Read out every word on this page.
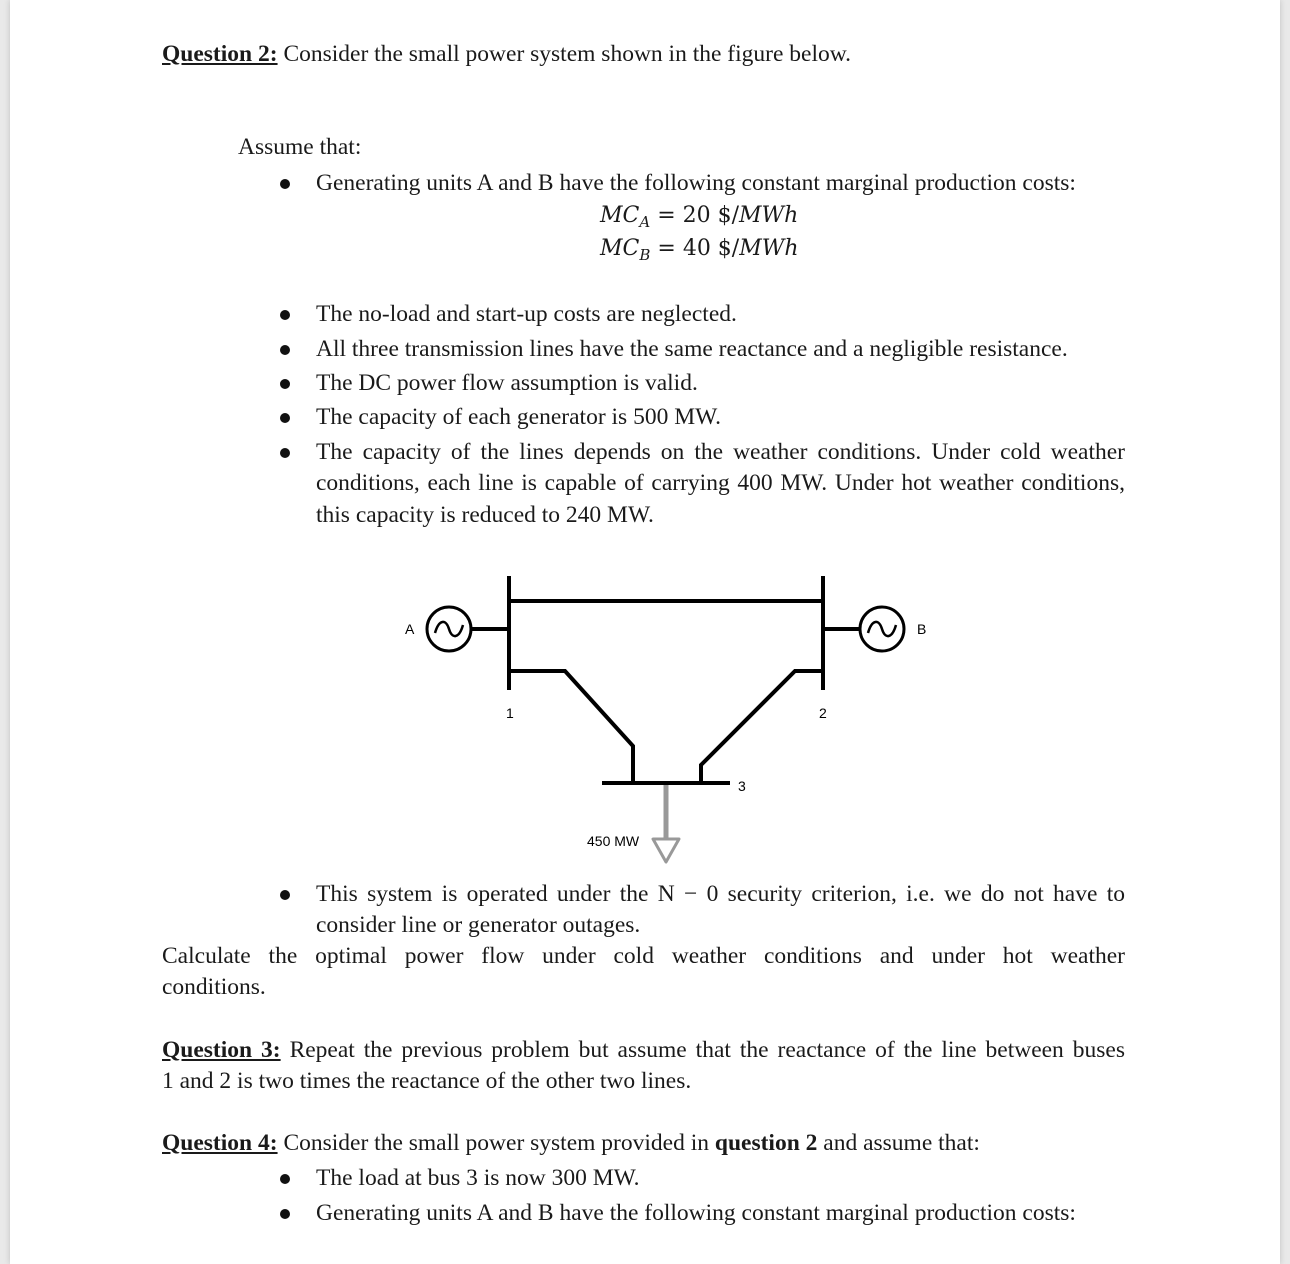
Question 2: Consider the small power system shown in the figure below.
Assume that:
Generating units A and B have the following constant marginal production costs:
$MC_A = 20$ $/MWh
$MC_B = 40$ $/MWh
The no-load and start-up costs are neglected.
All three transmission lines have the same reactance and a negligible resistance.
The DC power flow assumption is valid.
The capacity of each generator is 500 MW.
The capacity of the lines depends on the weather conditions. Under cold weather
conditions, each line is capable of carrying 400 MW. Under hot weather conditions,
this capacity is reduced to 240 MW.
A	B
1	2
3
450 MW
This system is operated under the N − 0 security criterion, i.e. we do not have to
consider line or generator outages.
Calculate the optimal power flow under cold weather conditions and under hot weather
conditions.
Question 3: Repeat the previous problem but assume that the reactance of the line between buses
1 and 2 is two times the reactance of the other two lines.
Question 4: Consider the small power system provided in question 2 and assume that:
The load at bus 3 is now 300 MW.
Generating units A and B have the following constant marginal production costs:
